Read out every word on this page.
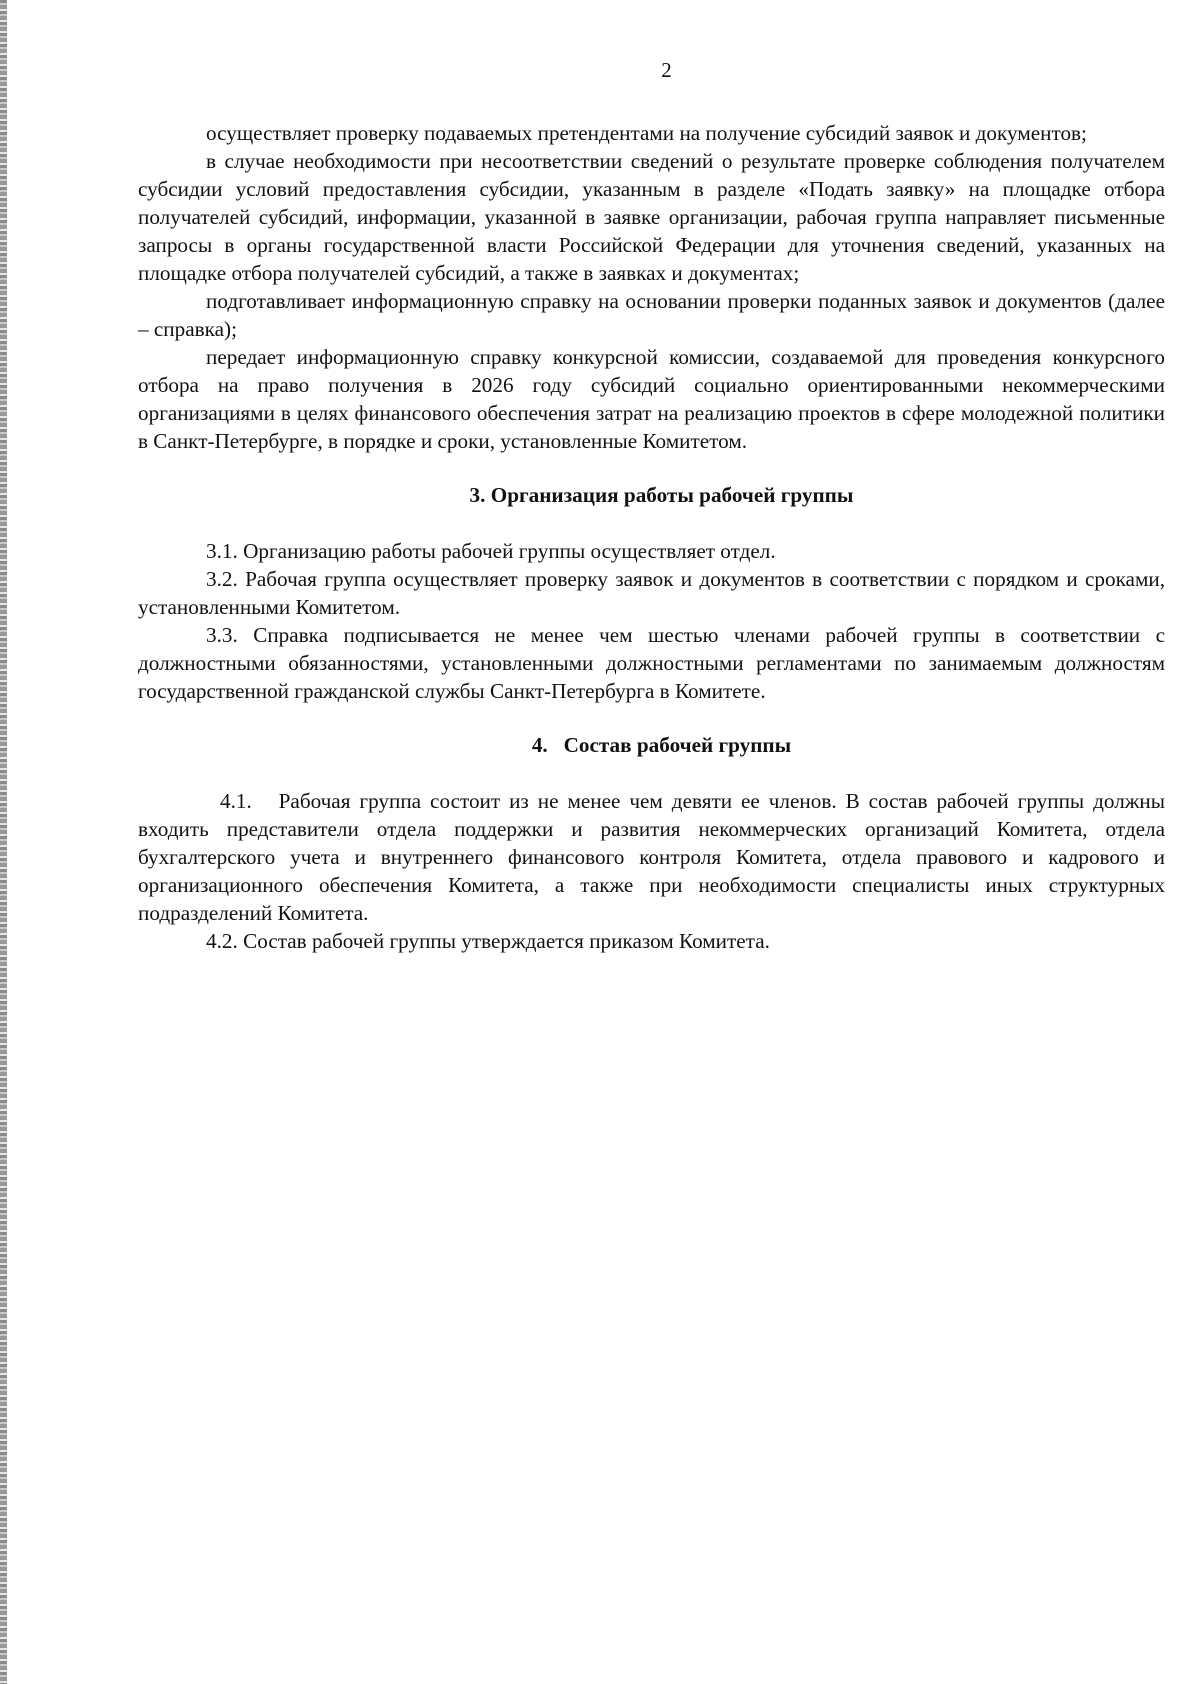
2

осуществляет проверку подаваемых претендентами на получение субсидий заявок и документов;

в случае необходимости при несоответствии сведений о результате проверке соблюдения получателем субсидии условий предоставления субсидии, указанным в разделе «Подать заявку» на площадке отбора получателей субсидий, информации, указанной в заявке организации, рабочая группа направляет письменные запросы в органы государственной власти Российской Федерации для уточнения сведений, указанных на площадке отбора получателей субсидий, а также в заявках и документах;

подготавливает информационную справку на основании проверки поданных заявок и документов (далее – справка);

передает информационную справку конкурсной комиссии, создаваемой для проведения конкурсного отбора на право получения в 2026 году субсидий социально ориентированными некоммерческими организациями в целях финансового обеспечения затрат на реализацию проектов в сфере молодежной политики в Санкт-Петербурге, в порядке и сроки, установленные Комитетом.

3. Организация работы рабочей группы

3.1. Организацию работы рабочей группы осуществляет отдел.

3.2. Рабочая группа осуществляет проверку заявок и документов в соответствии с порядком и сроками, установленными Комитетом.

3.3. Справка подписывается не менее чем шестью членами рабочей группы в соответствии с должностными обязанностями, установленными должностными регламентами по занимаемым должностям государственной гражданской службы Санкт-Петербурга в Комитете.

4.   Состав рабочей группы

4.1.   Рабочая группа состоит из не менее чем девяти ее членов. В состав рабочей группы должны входить представители отдела поддержки и развития некоммерческих организаций Комитета, отдела бухгалтерского учета и внутреннего финансового контроля Комитета, отдела правового и кадрового и организационного обеспечения Комитета, а также при необходимости специалисты иных структурных подразделений Комитета.

4.2. Состав рабочей группы утверждается приказом Комитета.
